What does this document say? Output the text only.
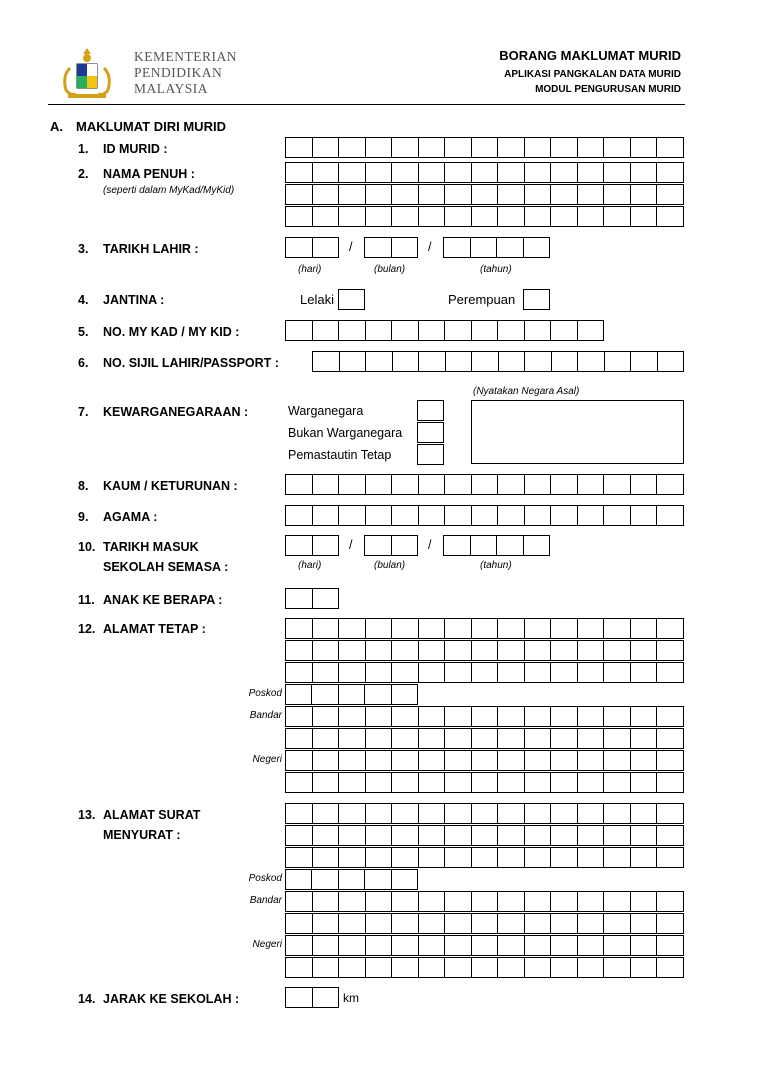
KEMENTERIAN
PENDIDIKAN
MALAYSIA
BORANG MAKLUMAT MURID
APLIKASI PANGKALAN DATA MURID
MODUL PENGURUSAN MURID
A. MAKLUMAT DIRI MURID
1. ID MURID :
2. NAMA PENUH :
(seperti dalam MyKad/MyKid)
3. TARIKH LAHIR :	/	/
(hari)	(bulan)	(tahun)
4. JANTINA :	Lelaki	Perempuan
5. NO. MY KAD / MY KID :
6. NO. SIJIL LAHIR/PASSPORT :
(Nyatakan Negara Asal)
7. KEWARGANEGARAAN :	Warganegara
Bukan Warganegara
Pemastautin Tetap
8. KAUM / KETURUNAN :
9. AGAMA :
10. TARIKH MASUK
SEKOLAH SEMASA :
/	/
(hari)	(bulan)	(tahun)
11. ANAK KE BERAPA :
12. ALAMAT TETAP :
Poskod
Bandar
Negeri
13. ALAMAT SURAT
MENYURAT :
Poskod
Bandar
Negeri
14. JARAK KE SEKOLAH :	km
